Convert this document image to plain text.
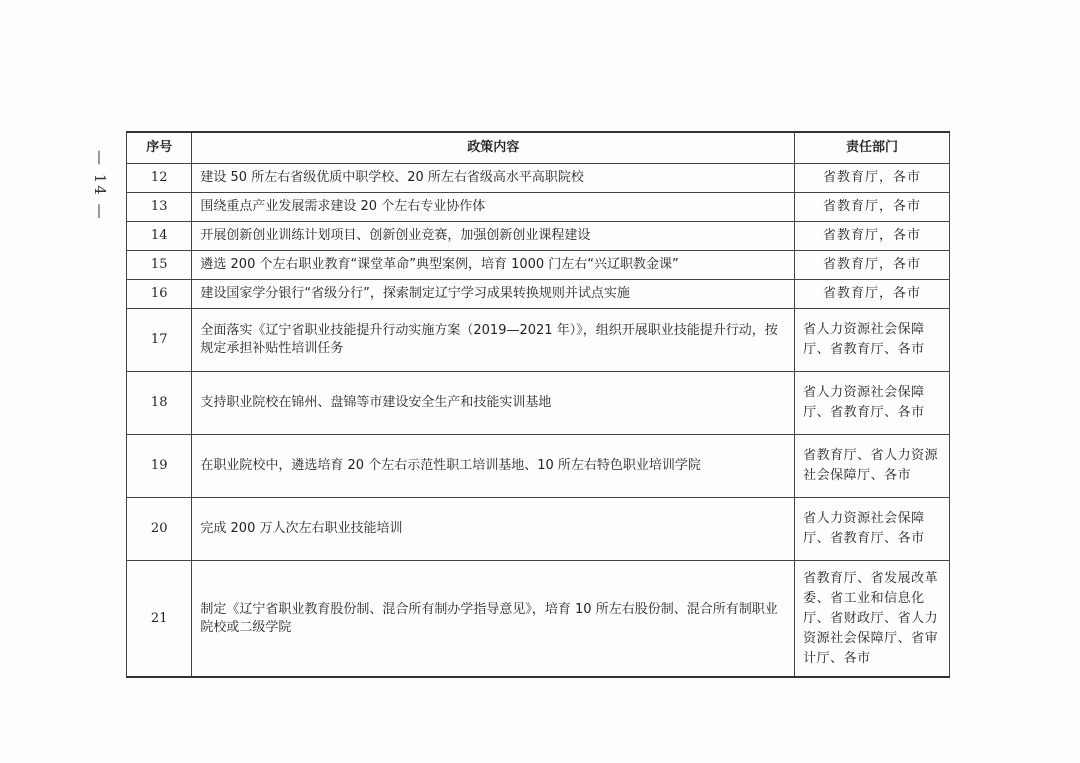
— 14 —
序号	政策内容	责任部门
12	建设 50 所左右省级优质中职学校、20 所左右省级高水平高职院校	省教育厅，各市
13	围绕重点产业发展需求建设 20 个左右专业协作体	省教育厅，各市
14	开展创新创业训练计划项目、创新创业竞赛，加强创新创业课程建设	省教育厅，各市
15	遴选 200 个左右职业教育“课堂革命”典型案例，培育 1000 门左右“兴辽职教金课”	省教育厅，各市
16	建设国家学分银行“省级分行”，探索制定辽宁学习成果转换规则并试点实施	省教育厅，各市
17	全面落实《辽宁省职业技能提升行动实施方案（2019—2021 年）》，组织开展职业技能提升行动，按规定承担补贴性培训任务	省人力资源社会保障厅、省教育厅、各市
18	支持职业院校在锦州、盘锦等市建设安全生产和技能实训基地	省人力资源社会保障厅、省教育厅、各市
19	在职业院校中，遴选培育 20 个左右示范性职工培训基地、10 所左右特色职业培训学院	省教育厅、省人力资源社会保障厅、各市
20	完成 200 万人次左右职业技能培训	省人力资源社会保障厅、省教育厅、各市
21	制定《辽宁省职业教育股份制、混合所有制办学指导意见》，培育 10 所左右股份制、混合所有制职业院校或二级学院	省教育厅、省发展改革委、省工业和信息化厅、省财政厅、省人力资源社会保障厅、省审计厅、各市
